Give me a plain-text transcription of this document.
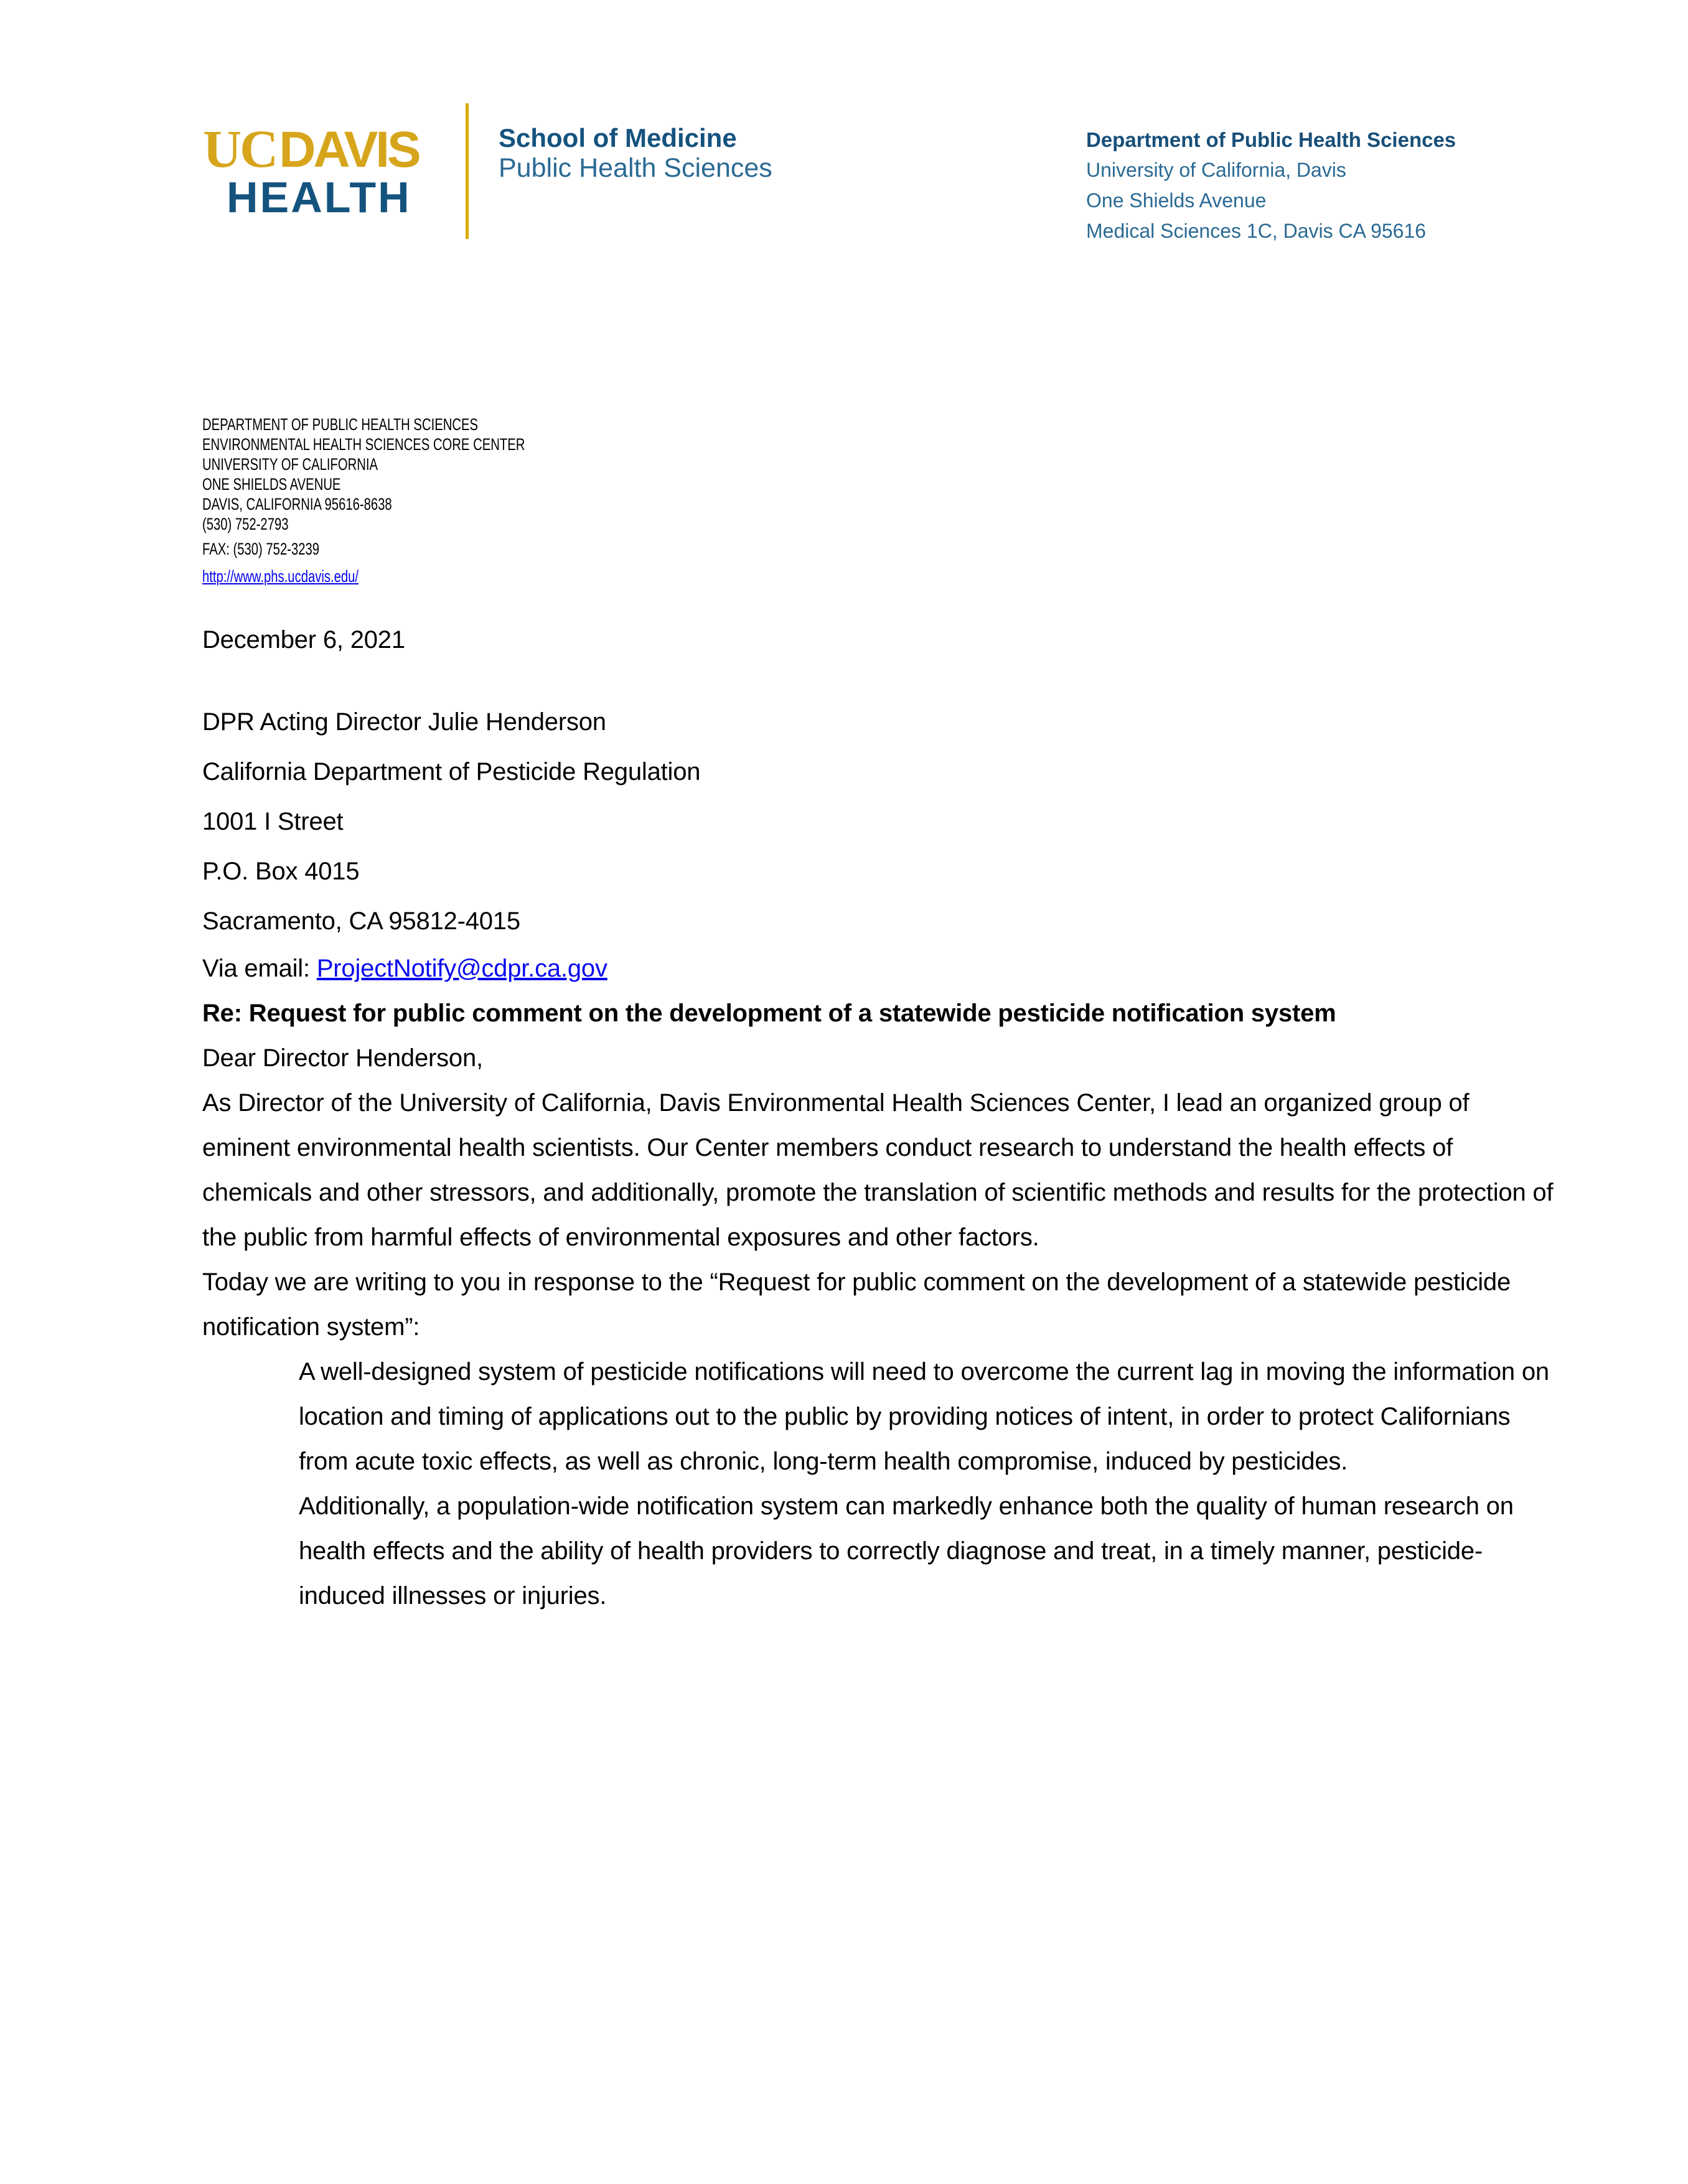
UCDAVIS
HEALTH
School of Medicine
Public Health Sciences
Department of Public Health Sciences
University of California, Davis
One Shields Avenue
Medical Sciences 1C, Davis CA 95616
DEPARTMENT OF PUBLIC HEALTH SCIENCES
ENVIRONMENTAL HEALTH SCIENCES CORE CENTER
UNIVERSITY OF CALIFORNIA
ONE SHIELDS AVENUE
DAVIS, CALIFORNIA 95616-8638
(530) 752-2793
FAX: (530) 752-3239
http://www.phs.ucdavis.edu/

December 6, 2021

DPR Acting Director Julie Henderson

California Department of Pesticide Regulation

1001 I Street

P.O. Box 4015

Sacramento, CA 95812-4015

Via email: ProjectNotify@cdpr.ca.gov

Re: Request for public comment on the development of a statewide pesticide notification system

Dear Director Henderson,

As Director of the University of California, Davis Environmental Health Sciences Center, I lead an organized group of eminent environmental health scientists. Our Center members conduct research to understand the health effects of chemicals and other stressors, and additionally, promote the translation of scientific methods and results for the protection of the public from harmful effects of environmental exposures and other factors.

Today we are writing to you in response to the “Request for public comment on the development of a statewide pesticide notification system”:

A well-designed system of pesticide notifications will need to overcome the current lag in moving the information on location and timing of applications out to the public by providing notices of intent, in order to protect Californians from acute toxic effects, as well as chronic, long-term health compromise, induced by pesticides.

Additionally, a population-wide notification system can markedly enhance both the quality of human research on health effects and the ability of health providers to correctly diagnose and treat, in a timely manner, pesticide-induced illnesses or injuries.
